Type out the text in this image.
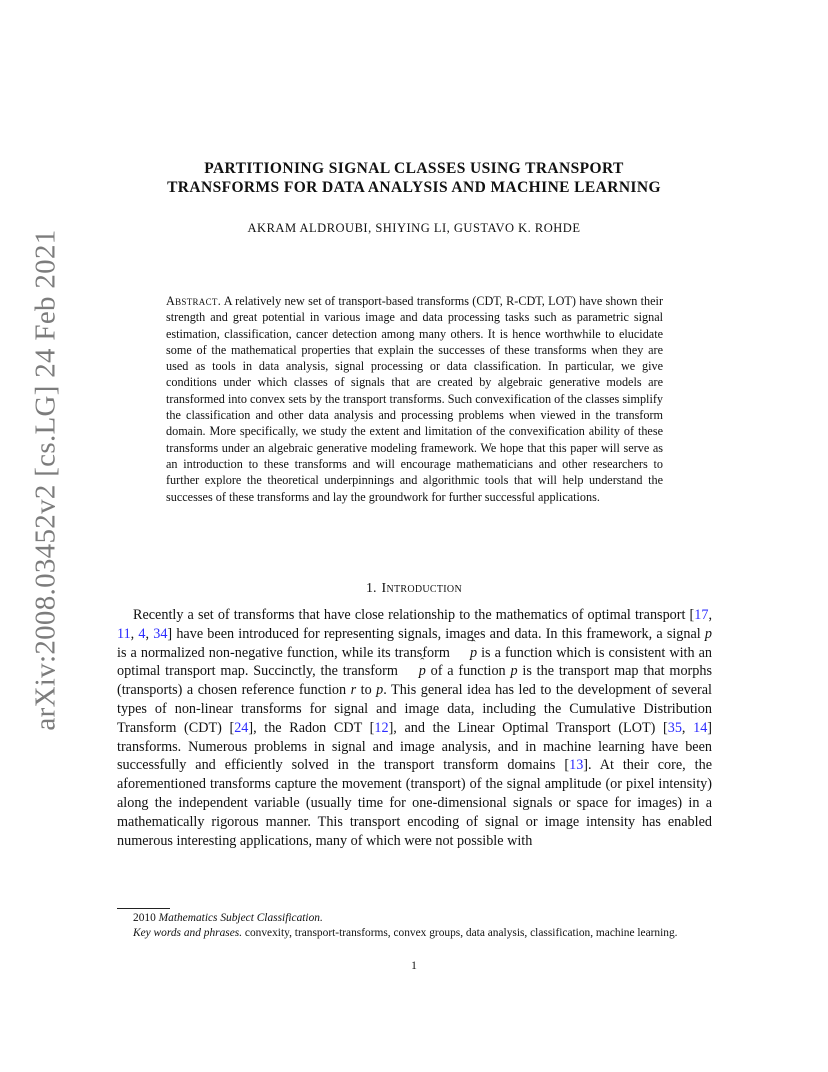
arXiv:2008.03452v2 [cs.LG] 24 Feb 2021
PARTITIONING SIGNAL CLASSES USING TRANSPORT
TRANSFORMS FOR DATA ANALYSIS AND MACHINE LEARNING
AKRAM ALDROUBI, SHIYING LI, GUSTAVO K. ROHDE
Abstract. A relatively new set of transport-based transforms (CDT, R-CDT, LOT) have shown their strength and great potential in various image and data processing tasks such as parametric signal estimation, classification, cancer detection among many others. It is hence worthwhile to elucidate some of the mathematical properties that explain the successes of these transforms when they are used as tools in data analysis, signal processing or data classification. In particular, we give conditions under which classes of signals that are created by algebraic generative models are transformed into convex sets by the transport transforms. Such convexification of the classes simplify the classification and other data analysis and processing problems when viewed in the transform domain. More specifically, we study the extent and limitation of the convexification ability of these transforms under an algebraic generative modeling framework. We hope that this paper will serve as an introduction to these transforms and will encourage mathematicians and other researchers to further explore the theoretical underpinnings and algorithmic tools that will help understand the successes of these transforms and lay the groundwork for further successful applications.
1. Introduction
Recently a set of transforms that have close relationship to the mathematics of optimal transport [17, 11, 4, 34] have been introduced for representing signals, images and data. In this framework, a signal p is a normalized non-negative function, while its transform ˆ p is a function which is consistent with an optimal transport map. Succinctly, the transform ˆ p of a function p is the transport map that morphs (transports) a chosen reference function r to p. This general idea has led to the development of several types of non-linear transforms for signal and image data, including the Cumulative Distribution Transform (CDT) [24], the Radon CDT [12], and the Linear Optimal Transport (LOT) [35, 14] transforms. Numerous problems in signal and image analysis, and in machine learning have been successfully and efficiently solved in the transport transform domains [13]. At their core, the aforementioned transforms capture the movement (transport) of the signal amplitude (or pixel intensity) along the independent variable (usually time for one-dimensional signals or space for images) in a mathematically rigorous manner. This transport encoding of signal or image intensity has enabled numerous interesting applications, many of which were not possible with
2010 Mathematics Subject Classification.
Key words and phrases. convexity, transport-transforms, convex groups, data analysis, classification, machine learning.
1
